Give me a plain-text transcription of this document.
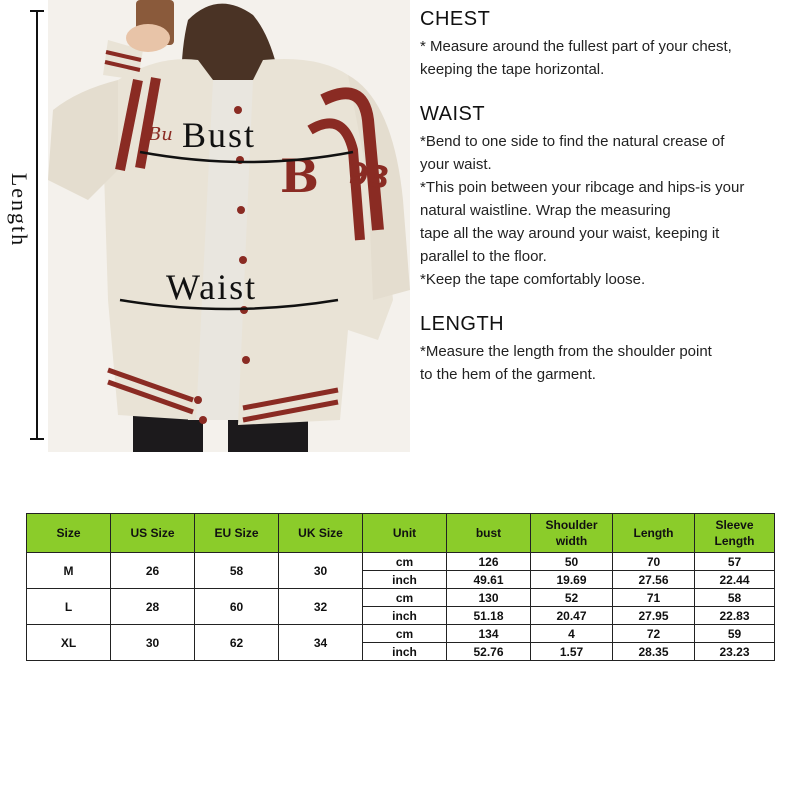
Length	B 93
Bu Bust
Waist
CHEST

* Measure around the fullest part of your chest,
keeping the tape horizontal.

WAIST

*Bend to one side to find the natural crease of
your waist.
*This poin between your ribcage and hips-is your
natural waistline. Wrap the measuring
tape all the way around your waist, keeping it
parallel to the floor.
*Keep the tape comfortably loose.

LENGTH

*Measure the length from the shoulder point
to the hem of the garment.

Size	US Size	EU Size	UK Size	Unit	bust	Shoulder width	Length	Sleeve Length
M	26	58	30	cm	126	50	70	57
				inch	49.61	19.69	27.56	22.44
L	28	60	32	cm	130	52	71	58
				inch	51.18	20.47	27.95	22.83
XL	30	62	34	cm	134	4	72	59
				inch	52.76	1.57	28.35	23.23
